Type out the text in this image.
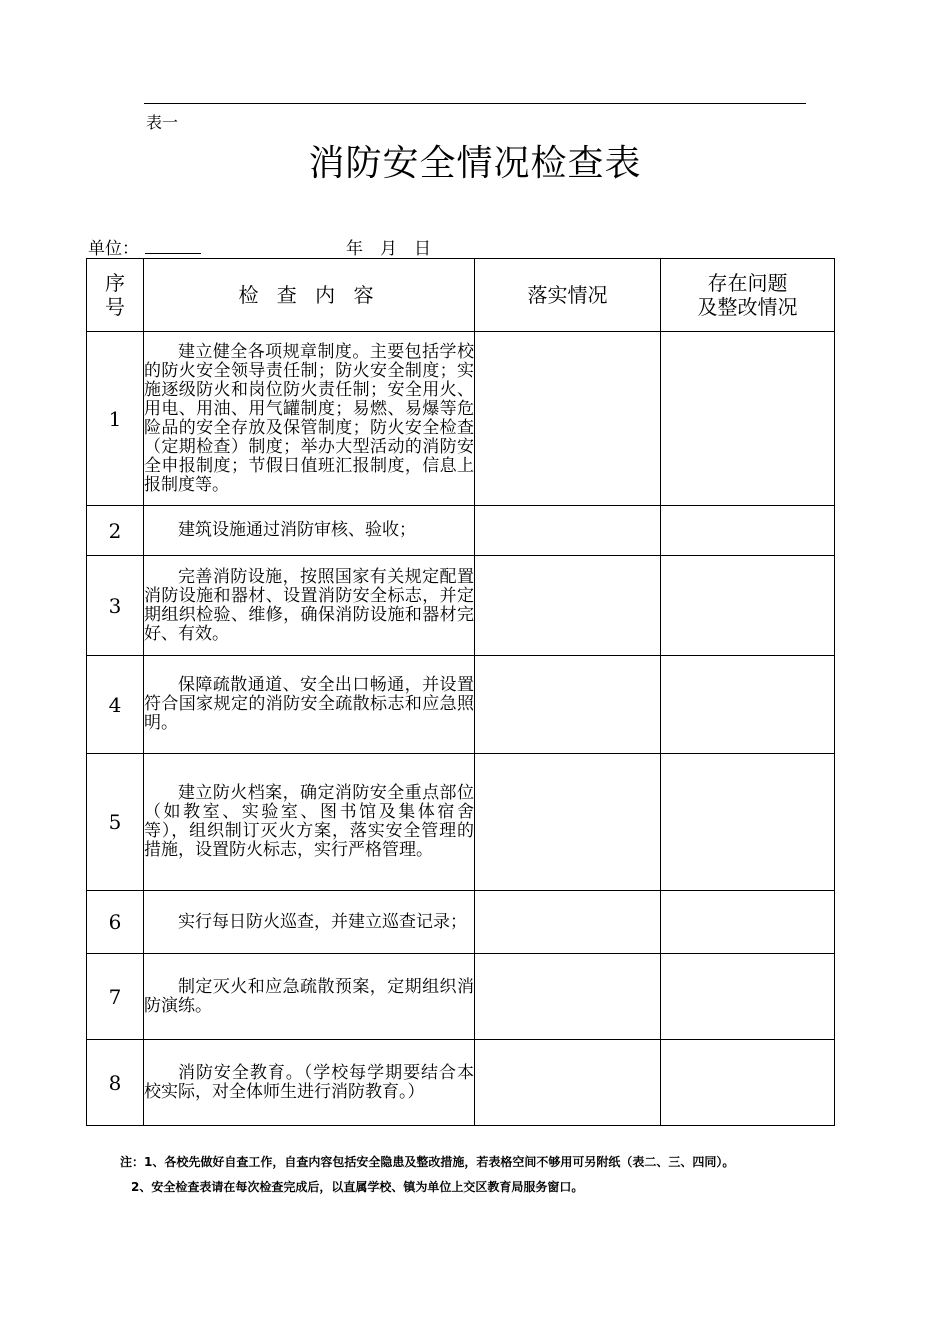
表一
消防安全情况检查表
单位：	年　月　日
序号	检 查 内 容	落实情况	存在问题
及整改情况
1	建立健全各项规章制度。主要包括学校的防火安全领导责任制；防火安全制度；实施逐级防火和岗位防火责任制；安全用火、用电、用油、用气罐制度；易燃、易爆等危险品的安全存放及保管制度；防火安全检查（定期检查）制度；举办大型活动的消防安全申报制度；节假日值班汇报制度，信息上报制度等。		
2	建筑设施通过消防审核、验收；		
3	完善消防设施，按照国家有关规定配置消防设施和器材、设置消防安全标志，并定期组织检验、维修，确保消防设施和器材完好、有效。		
4	保障疏散通道、安全出口畅通，并设置符合国家规定的消防安全疏散标志和应急照明。		
5	建立防火档案，确定消防安全重点部位（如教室、实验室、图书馆及集体宿舍等），组织制订灭火方案，落实安全管理的措施，设置防火标志，实行严格管理。		
6	实行每日防火巡查，并建立巡查记录；		
7	制定灭火和应急疏散预案，定期组织消防演练。		
8	消防安全教育。（学校每学期要结合本校实际，对全体师生进行消防教育。）		
注：1、各校先做好自查工作，自查内容包括安全隐患及整改措施，若表格空间不够用可另附纸（表二、三、四同）。
2、安全检查表请在每次检查完成后，以直属学校、镇为单位上交区教育局服务窗口。
